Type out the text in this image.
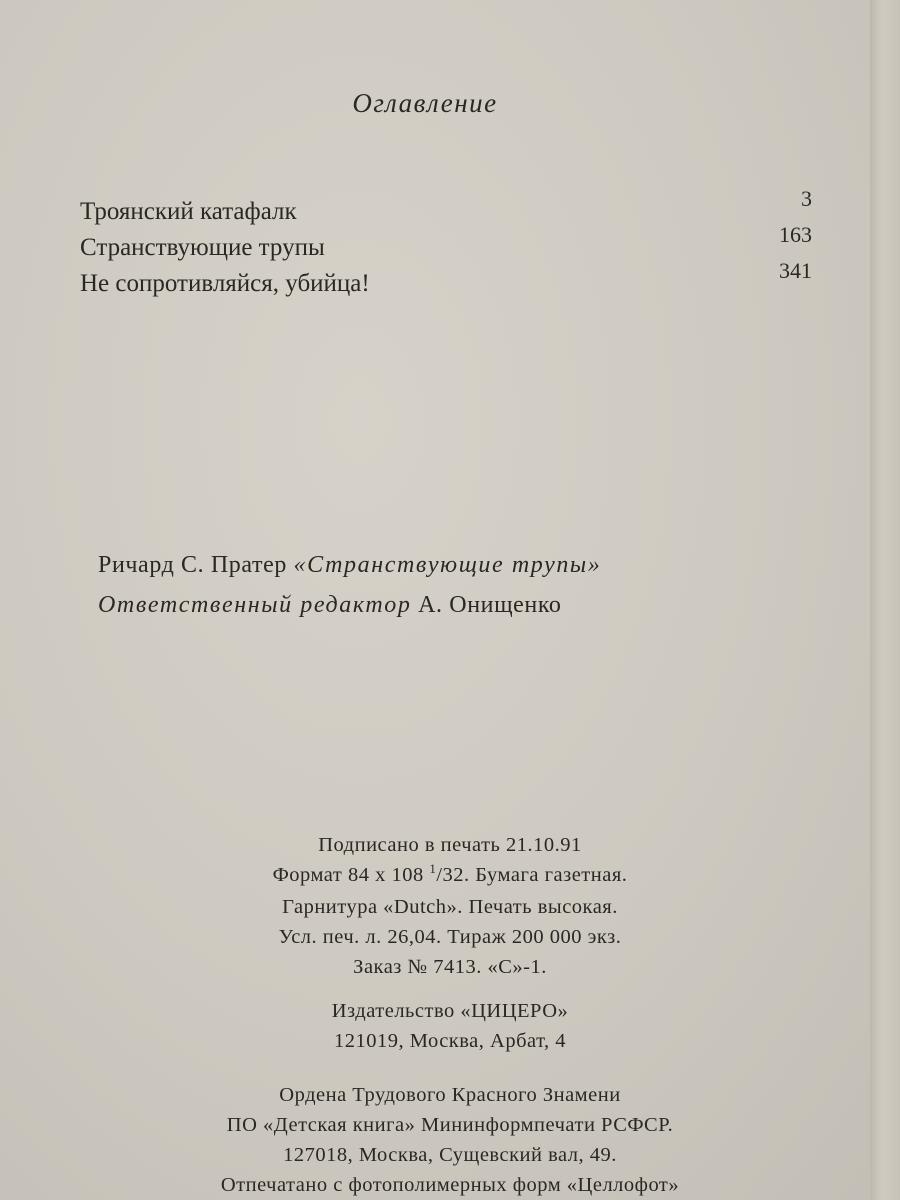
Оглавление
Троянский катафалк	3
Странствующие трупы	163
Не сопротивляйся, убийца!	341
Ричард С. Пратер «Странствующие трупы»
Ответственный редактор А. Онищенко
Подписано в печать 21.10.91
Формат 84 х 108 $^1$/32. Бумага газетная.
Гарнитура «Dutch». Печать высокая.
Усл. печ. л. 26,04. Тираж 200 000 экз.
Заказ № 7413. «С»-1.
Издательство «ЦИЦЕРО»
121019, Москва, Арбат, 4
Ордена Трудового Красного Знамени
ПО «Детская книга» Мининформпечати РСФСР.
127018, Москва, Сущевский вал, 49.
Отпечатано с фотополимерных форм «Целлофот»
